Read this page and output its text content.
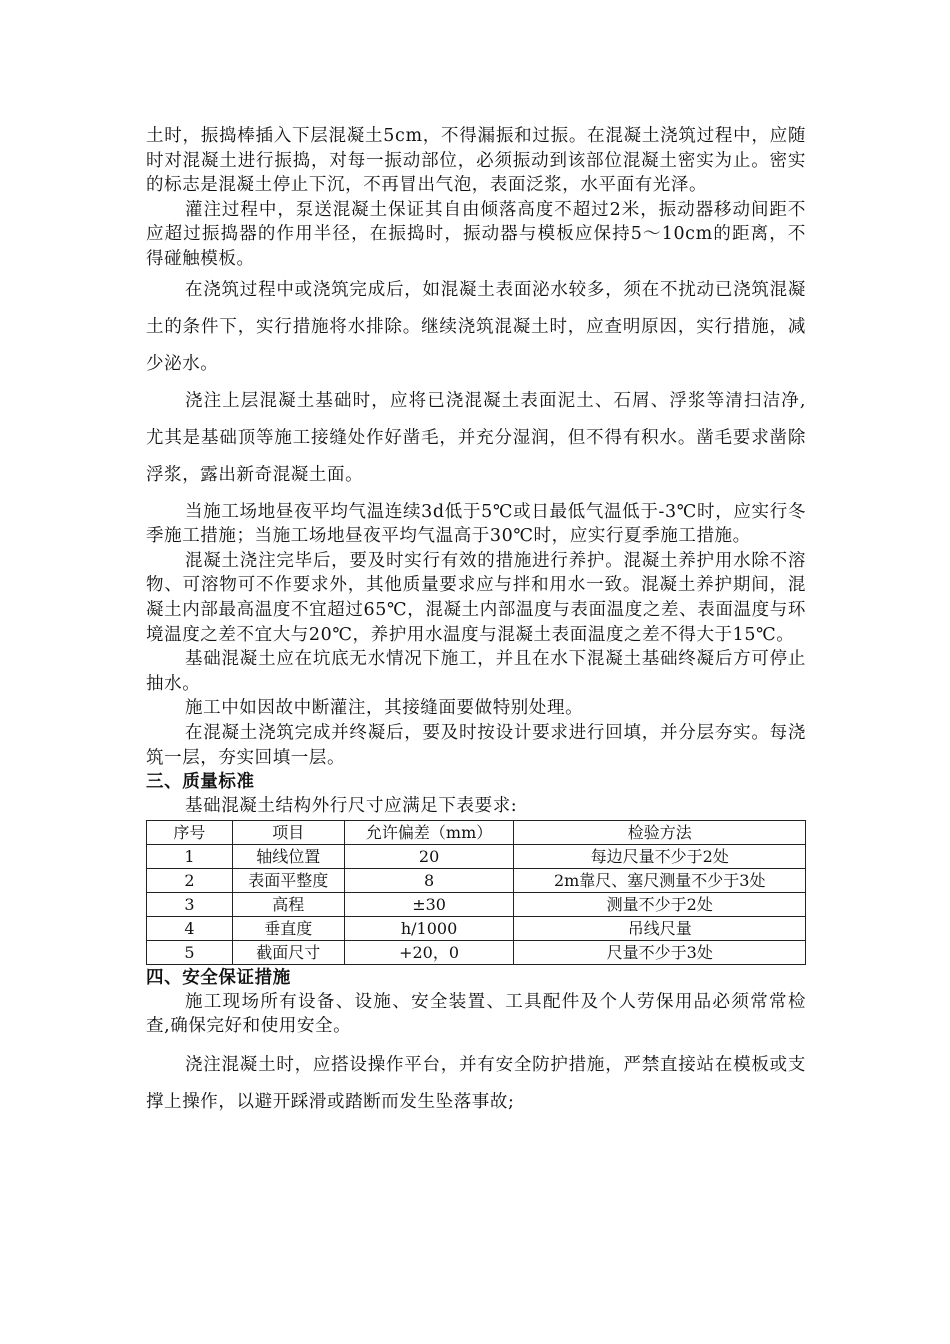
土时，振捣棒插入下层混凝土5cm，不得漏振和过振。在混凝土浇筑过程中，应随时对混凝土进行振捣，对每一振动部位，必须振动到该部位混凝土密实为止。密实的标志是混凝土停止下沉，不再冒出气泡，表面泛浆，水平面有光泽。

灌注过程中，泵送混凝土保证其自由倾落高度不超过2米，振动器移动间距不应超过振捣器的作用半径，在振捣时，振动器与模板应保持5～10cm的距离，不得碰触模板。

在浇筑过程中或浇筑完成后，如混凝土表面泌水较多，须在不扰动已浇筑混凝土的条件下，实行措施将水排除。继续浇筑混凝土时，应查明原因，实行措施，减少泌水。

浇注上层混凝土基础时，应将已浇混凝土表面泥土、石屑、浮浆等清扫洁净,尤其是基础顶等施工接缝处作好凿毛，并充分湿润，但不得有积水。凿毛要求凿除浮浆，露出新奇混凝土面。

当施工场地昼夜平均气温连续3d低于5℃或日最低气温低于-3℃时，应实行冬季施工措施；当施工场地昼夜平均气温高于30℃时，应实行夏季施工措施。

混凝土浇注完毕后，要及时实行有效的措施进行养护。混凝土养护用水除不溶物、可溶物可不作要求外，其他质量要求应与拌和用水一致。混凝土养护期间，混凝土内部最高温度不宜超过65℃，混凝土内部温度与表面温度之差、表面温度与环境温度之差不宜大与20℃，养护用水温度与混凝土表面温度之差不得大于15℃。

基础混凝土应在坑底无水情况下施工，并且在水下混凝土基础终凝后方可停止抽水。

施工中如因故中断灌注，其接缝面要做特别处理。

在混凝土浇筑完成并终凝后，要及时按设计要求进行回填，并分层夯实。每浇筑一层，夯实回填一层。

三、质量标准

基础混凝土结构外行尺寸应满足下表要求:

序号	项目	允许偏差（mm）	检验方法
1	轴线位置	20	每边尺量不少于2处
2	表面平整度	8	2m靠尺、塞尺测量不少于3处
3	高程	±30	测量不少于2处
4	垂直度	h/1000	吊线尺量
5	截面尺寸	+20，0	尺量不少于3处
四、安全保证措施

施工现场所有设备、设施、安全装置、工具配件及个人劳保用品必须常常检查,确保完好和使用安全。

浇注混凝土时，应搭设操作平台，并有安全防护措施，严禁直接站在模板或支撑上操作，以避开踩滑或踏断而发生坠落事故;
